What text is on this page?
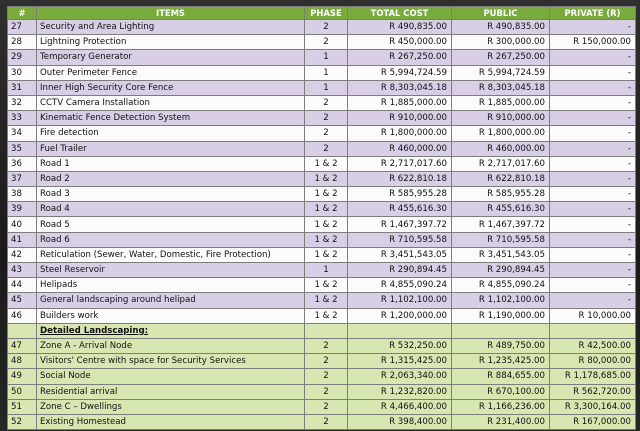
#	ITEMS	PHASE	TOTAL COST	PUBLIC	PRIVATE (R)
27	Security and Area Lighting	2	R 490,835.00	R 490,835.00	-
28	Lightning Protection	2	R 450,000.00	R 300,000.00	R 150,000.00
29	Temporary Generator	1	R 267,250.00	R 267,250.00	-
30	Outer Perimeter Fence	1	R 5,994,724.59	R 5,994,724.59	-
31	Inner High Security Core Fence	1	R 8,303,045.18	R 8,303,045.18	-
32	CCTV Camera Installation	2	R 1,885,000.00	R 1,885,000.00	-
33	Kinematic Fence Detection System	2	R 910,000.00	R 910,000.00	-
34	Fire detection	2	R 1,800,000.00	R 1,800,000.00	-
35	Fuel Trailer	2	R 460,000.00	R 460,000.00	-
36	Road 1	1 & 2	R 2,717,017.60	R 2,717,017.60	-
37	Road 2	1 & 2	R 622,810.18	R 622,810.18	-
38	Road 3	1 & 2	R 585,955.28	R 585,955.28	-
39	Road 4	1 & 2	R 455,616.30	R 455,616.30	-
40	Road 5	1 & 2	R 1,467,397.72	R 1,467,397.72	-
41	Road 6	1 & 2	R 710,595.58	R 710,595.58	-
42	Reticulation (Sewer, Water, Domestic, Fire Protection)	1 & 2	R 3,451,543.05	R 3,451,543.05	-
43	Steel Reservoir	1	R 290,894.45	R 290,894.45	-
44	Helipads	1 & 2	R 4,855,090.24	R 4,855,090.24	-
45	General landscaping around helipad	1 & 2	R 1,102,100.00	R 1,102,100.00	-
46	Builders work	1 & 2	R 1,200,000.00	R 1,190,000.00	R 10,000.00
	Detailed Landscaping:				
47	Zone A - Arrival Node	2	R 532,250.00	R 489,750.00	R 42,500.00
48	Visitors' Centre with space for Security Services	2	R 1,315,425.00	R 1,235,425.00	R 80,000.00
49	Social Node	2	R 2,063,340.00	R 884,655.00	R 1,178,685.00
50	Residential arrival	2	R 1,232,820.00	R 670,100.00	R 562,720.00
51	Zone C – Dwellings	2	R 4,466,400.00	R 1,166,236.00	R 3,300,164.00
52	Existing Homestead	2	R 398,400.00	R 231,400.00	R 167,000.00
